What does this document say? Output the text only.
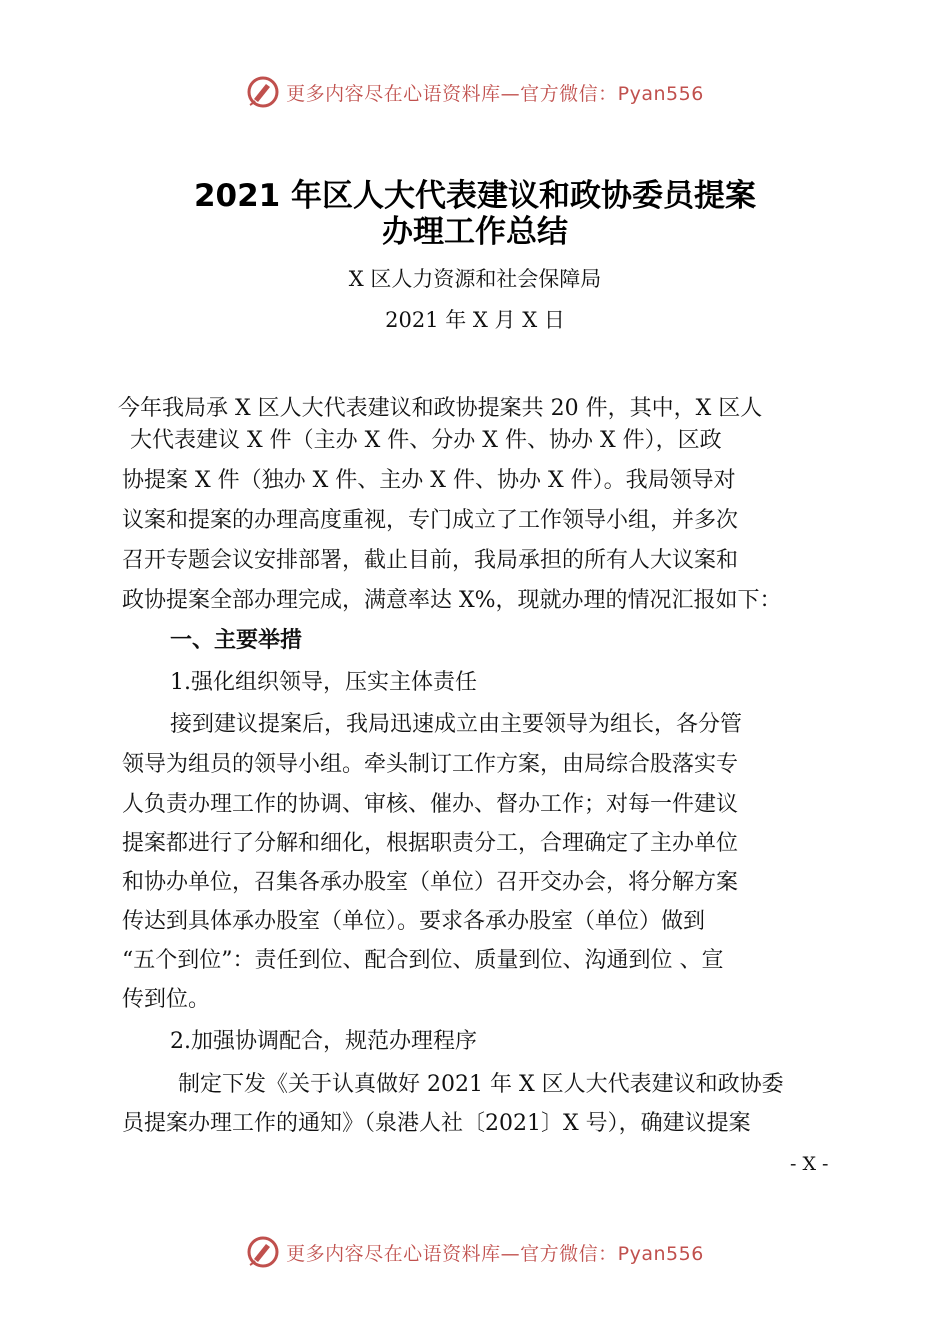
更多内容尽在心语资料库—官方微信：Pyan556
2021 年区人大代表建议和政协委员提案
办理工作总结
X 区人力资源和社会保障局
2021 年 X 月 X 日
今年我局承 X 区人大代表建议和政协提案共 20 件，其中，X 区人
大代表建议 X 件（主办 X 件、分办 X 件、协办 X 件），区政
协提案 X 件（独办 X 件、主办 X 件、协办 X 件）。我局领导对
议案和提案的办理高度重视，专门成立了工作领导小组，并多次
召开专题会议安排部署，截止目前，我局承担的所有人大议案和
政协提案全部办理完成，满意率达 X%，现就办理的情况汇报如下：
一、主要举措
1.强化组织领导，压实主体责任
接到建议提案后，我局迅速成立由主要领导为组长，各分管
领导为组员的领导小组。牵头制订工作方案，由局综合股落实专
人负责办理工作的协调、审核、催办、督办工作；对每一件建议
提案都进行了分解和细化，根据职责分工，合理确定了主办单位
和协办单位，召集各承办股室（单位）召开交办会，将分解方案
传达到具体承办股室（单位）。要求各承办股室（单位）做到
“五个到位”：责任到位、配合到位、质量到位、沟通到位 、宣
传到位。
2.加强协调配合，规范办理程序
制定下发《关于认真做好 2021 年 X 区人大代表建议和政协委
员提案办理工作的通知》（泉港人社〔2021〕X 号），确建议提案
- X -
更多内容尽在心语资料库—官方微信：Pyan556
